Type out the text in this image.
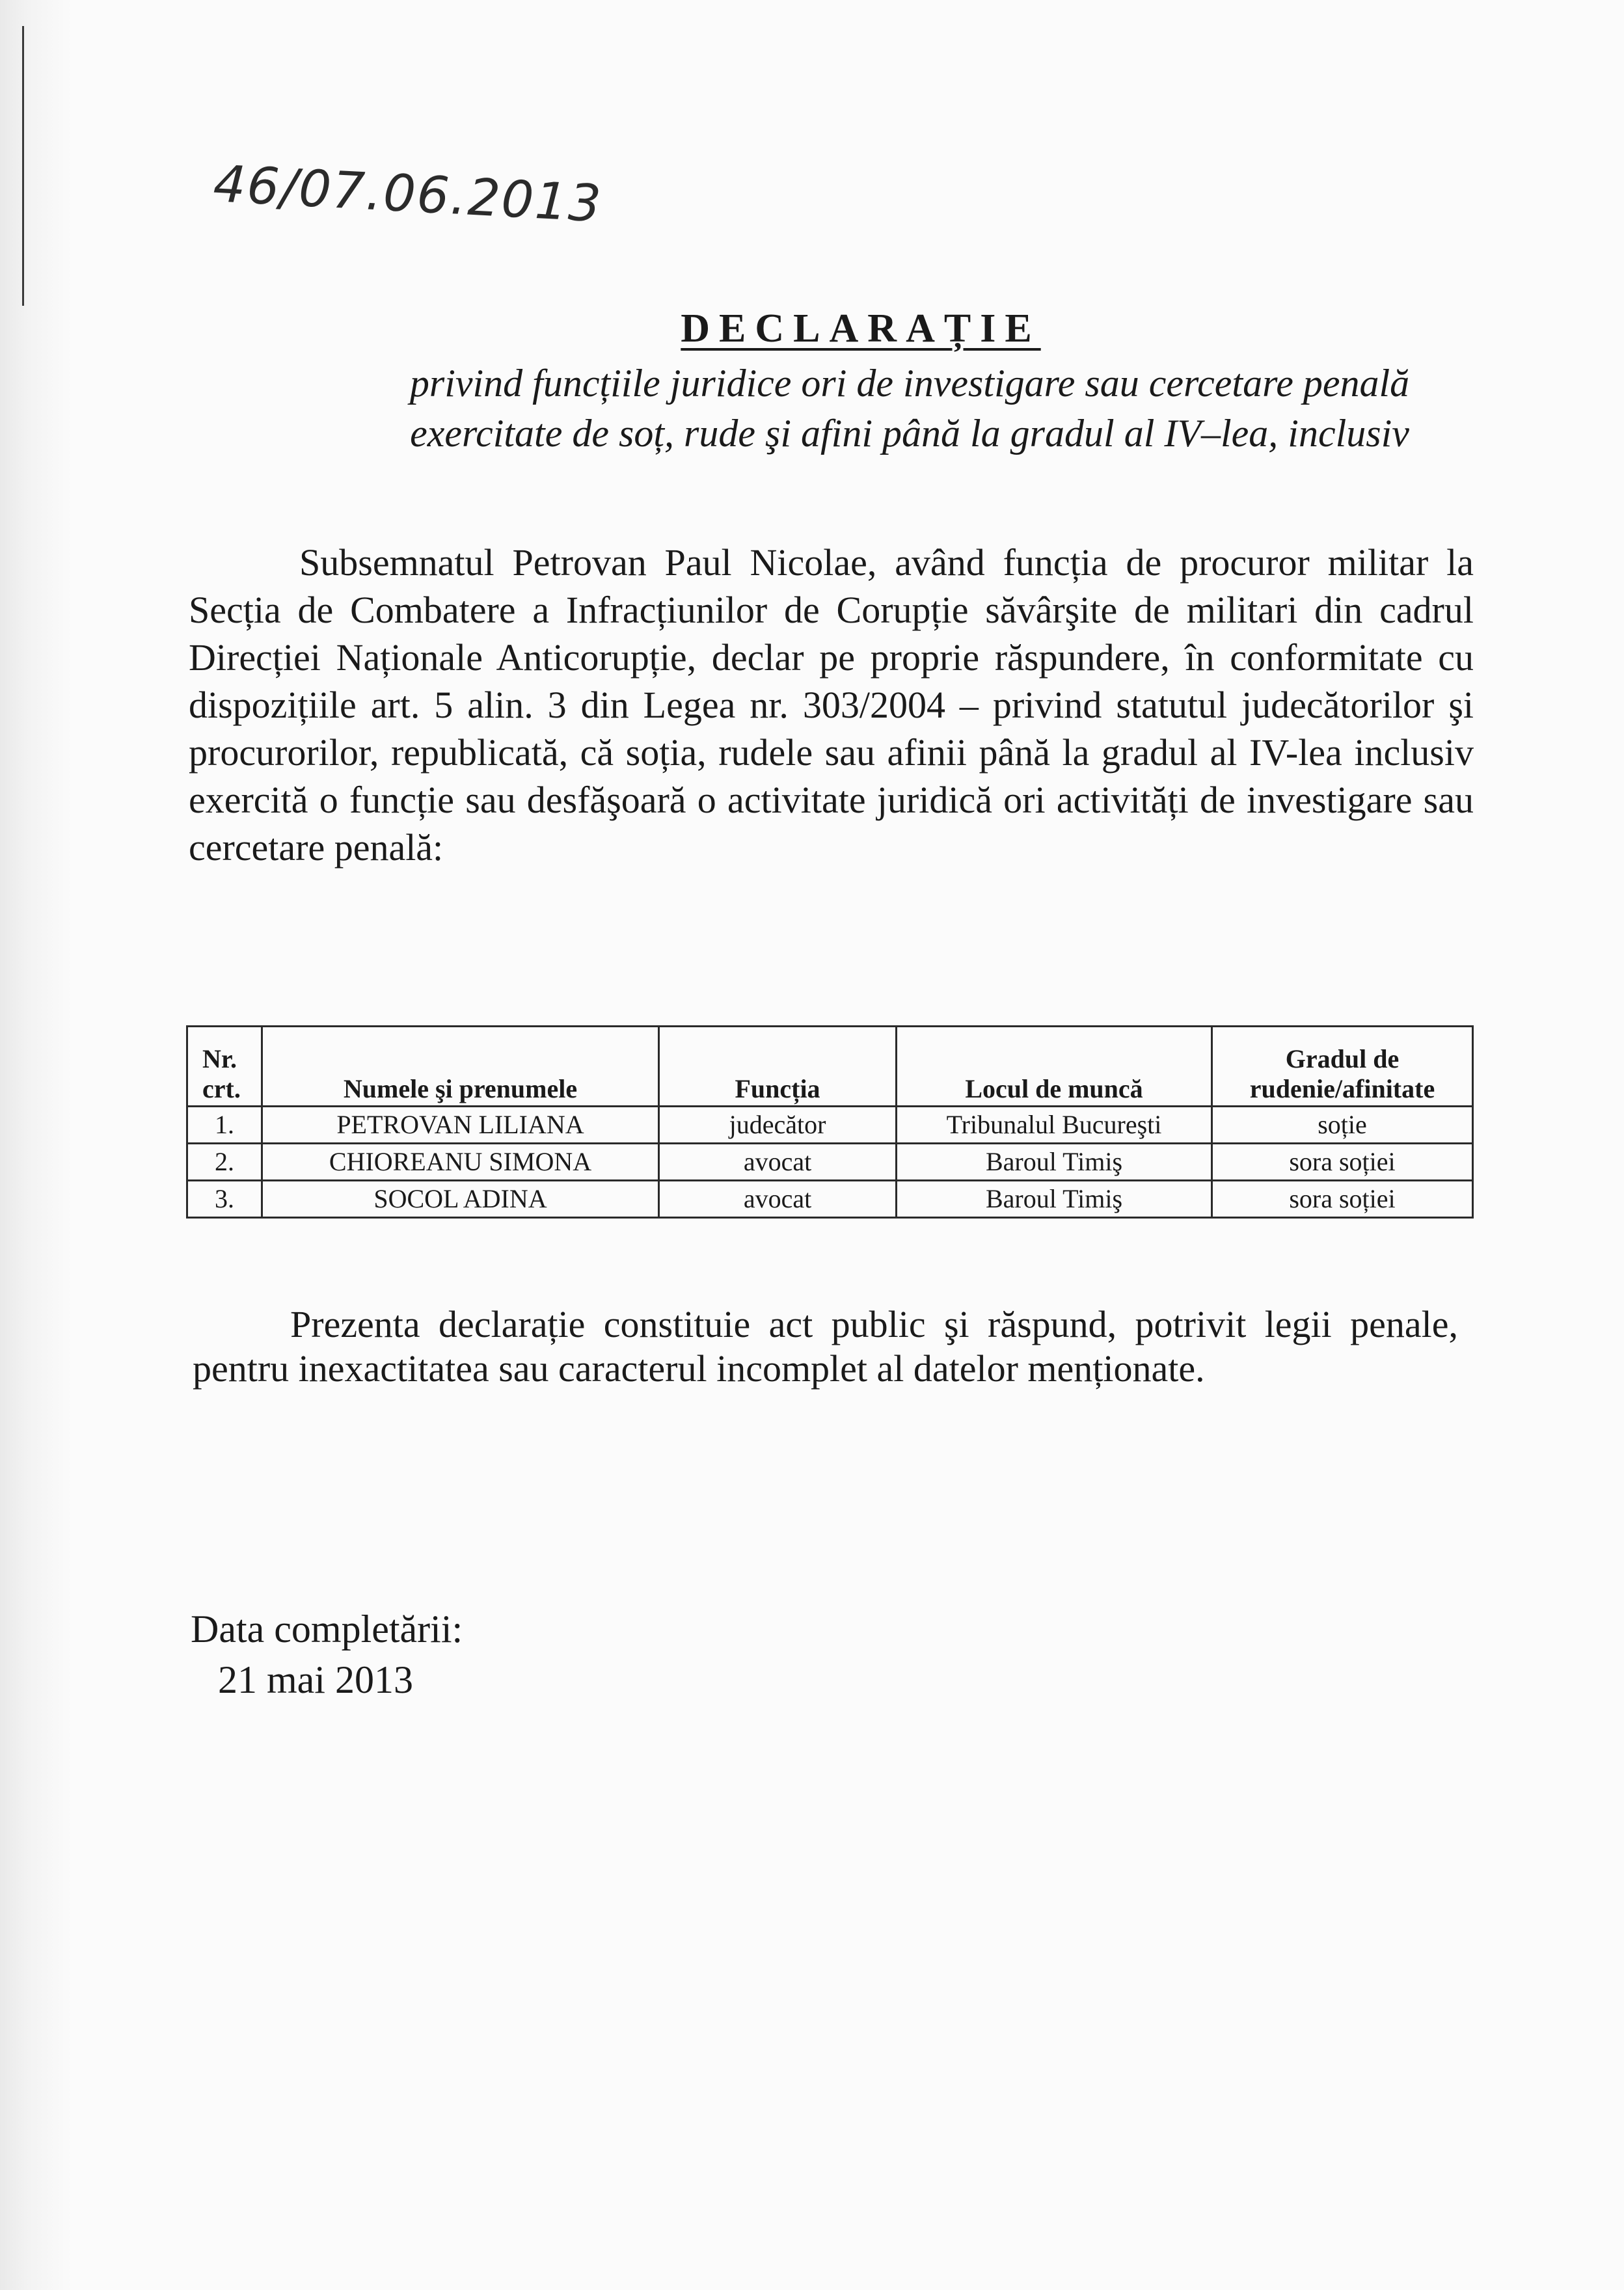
46/07.06.2013
DECLARAȚIE
privind funcțiile juridice ori de investigare sau cercetare penală
exercitate de soț, rude şi afini până la gradul al IV–lea, inclusiv

Subsemnatul Petrovan Paul Nicolae, având funcția de procuror militar la Secția de Combatere a Infracțiunilor de Corupție săvârşite de militari din cadrul Direcției Naționale Anticorupție, declar pe proprie răspundere, în conformitate cu dispozițiile art. 5 alin. 3 din Legea nr. 303/2004 – privind statutul judecătorilor şi procurorilor, republicată, că soția, rudele sau afinii până la gradul al IV-lea inclusiv exercită o funcție sau desfăşoară o activitate juridică ori activități de investigare sau cercetare penală:

Nr. crt.	Numele şi prenumele	Funcția	Locul de muncă	Gradul de rudenie/afinitate
1.	PETROVAN LILIANA	judecător	Tribunalul Bucureşti	soție
2.	CHIOREANU SIMONA	avocat	Baroul Timiş	sora soției
3.	SOCOL ADINA	avocat	Baroul Timiş	sora soției

Prezenta declarație constituie act public şi răspund, potrivit legii penale, pentru inexactitatea sau caracterul incomplet al datelor menționate.

Data completării:
21 mai 2013
